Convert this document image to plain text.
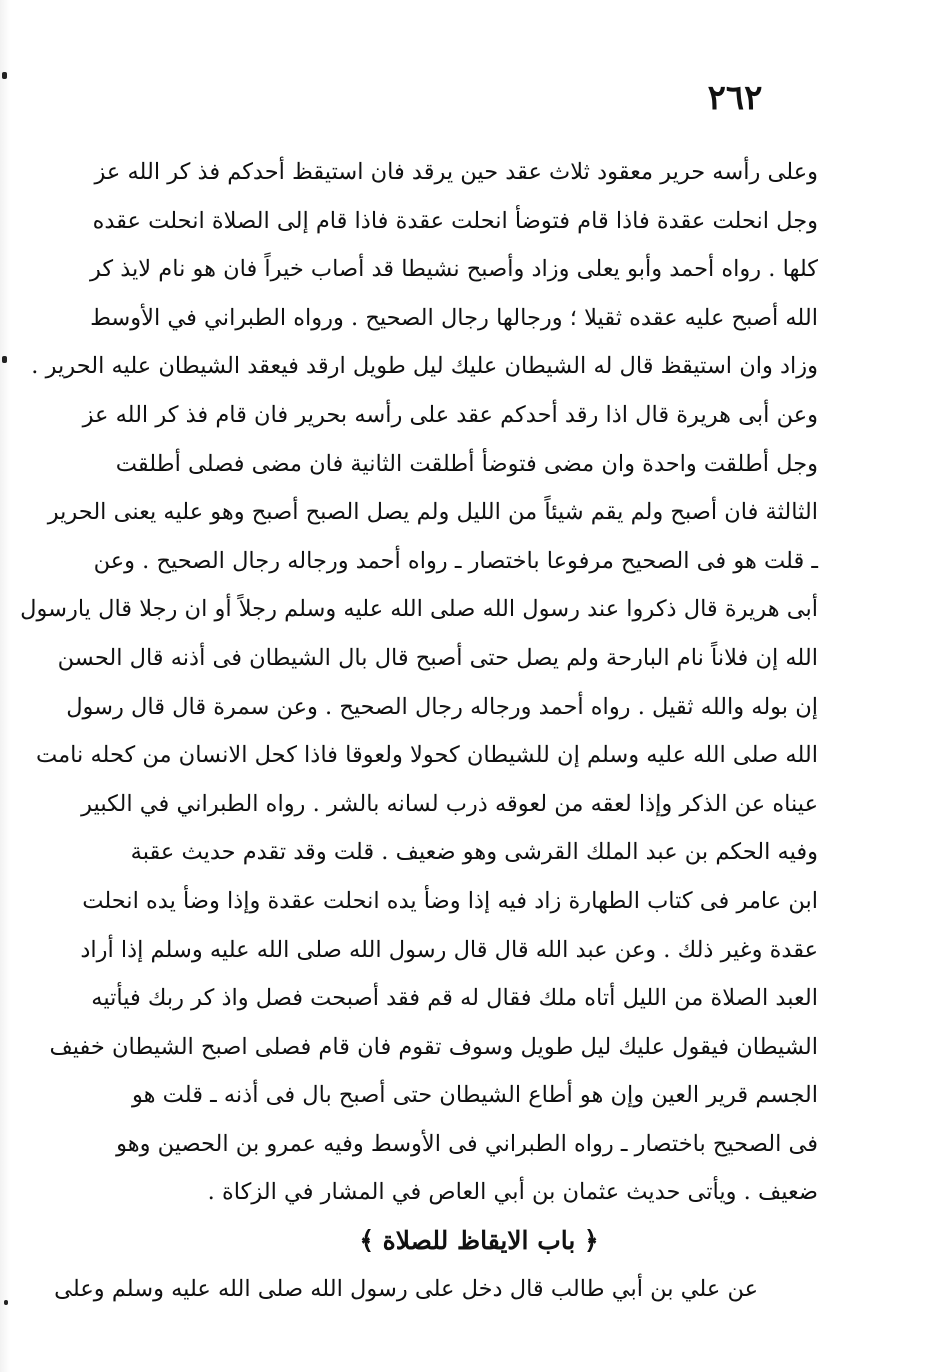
٢٦٢
وعلى رأسه حرير معقود ثلاث عقد حين يرقد فان استيقظ أحدكم فذ كر الله عز
وجل انحلت عقدة فاذا قام فتوضأ انحلت عقدة فاذا قام إلى الصلاة انحلت عقده
كلها . رواه أحمد وأبو يعلى وزاد وأصبح نشيطا قد أصاب خيراً فان هو نام لايذ كر
الله أصبح عليه عقده ثقيلا ؛ ورجالها رجال الصحيح . ورواه الطبراني في الأوسط
وزاد وان استيقظ قال له الشيطان عليك ليل طويل ارقد فيعقد الشيطان عليه الحرير .
وعن أبى هريرة قال اذا رقد أحدكم عقد على رأسه بحرير فان قام فذ كر الله عز
وجل أطلقت واحدة وان مضى فتوضأ أطلقت الثانية فان مضى فصلى أطلقت
الثالثة فان أصبح ولم يقم شيئاً من الليل ولم يصل الصبح أصبح وهو عليه يعنى الحرير
ـ قلت هو فى الصحيح مرفوعا باختصار ـ رواه أحمد ورجاله رجال الصحيح . وعن
أبى هريرة قال ذكروا عند رسول الله صلى الله عليه وسلم رجلاً أو ان رجلا قال يارسول
الله إن فلاناً نام البارحة ولم يصل حتى أصبح قال بال الشيطان فى أذنه قال الحسن
إن بوله والله ثقيل . رواه أحمد ورجاله رجال الصحيح . وعن سمرة قال قال رسول
الله صلى الله عليه وسلم إن للشيطان كحولا ولعوقا فاذا كحل الانسان من كحله نامت
عيناه عن الذكر وإذا لعقه من لعوقه ذرب لسانه بالشر . رواه الطبراني في الكبير
وفيه الحكم بن عبد الملك القرشى وهو ضعيف . قلت وقد تقدم حديث عقبة
ابن عامر فى كتاب الطهارة زاد فيه إذا وضأ يده انحلت عقدة وإذا وضأ يده انحلت
عقدة وغير ذلك . وعن عبد الله قال قال رسول الله صلى الله عليه وسلم إذا أراد
العبد الصلاة من الليل أتاه ملك فقال له قم فقد أصبحت فصل واذ كر ربك فيأتيه
الشيطان فيقول عليك ليل طويل وسوف تقوم فان قام فصلى اصبح الشيطان خفيف
الجسم قرير العين وإن هو أطاع الشيطان حتى أصبح بال فى أذنه ـ قلت هو
فى الصحيح باختصار ـ رواه الطبراني فى الأوسط وفيه عمرو بن الحصين وهو
ضعيف . ويأتى حديث عثمان بن أبي العاص في المشار في الزكاة .
﴿ باب الايقاظ للصلاة ﴾
عن علي بن أبي طالب قال دخل على رسول الله صلى الله عليه وسلم وعلى
